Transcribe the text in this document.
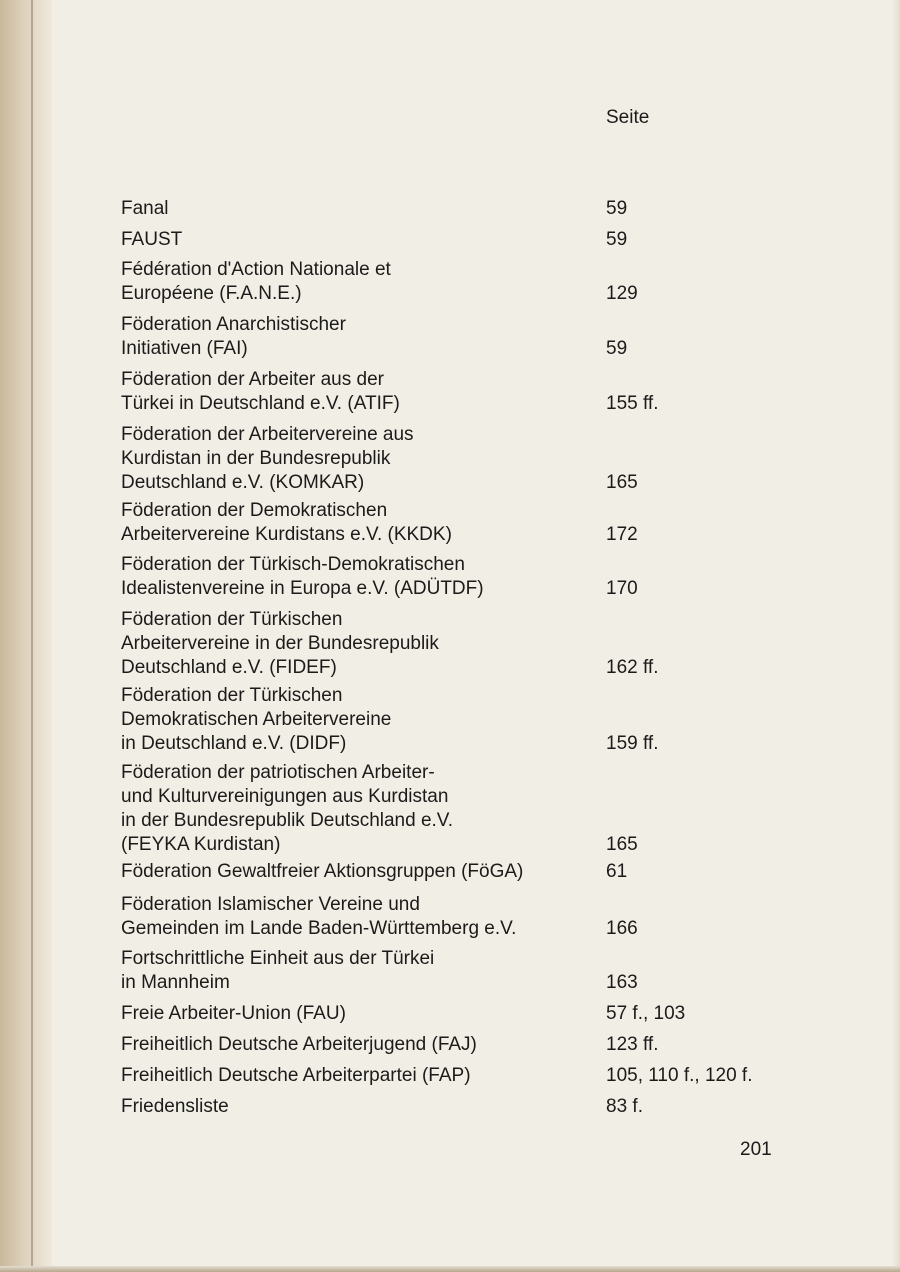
Seite
Fanal	59
FAUST	59
Fédération d'Action Nationale et
Européene (F.A.N.E.)	129
Föderation Anarchistischer
Initiativen (FAI)	59
Föderation der Arbeiter aus der
Türkei in Deutschland e.V. (ATIF)	155 ff.
Föderation der Arbeitervereine aus
Kurdistan in der Bundesrepublik
Deutschland e.V. (KOMKAR)	165
Föderation der Demokratischen
Arbeitervereine Kurdistans e.V. (KKDK)	172
Föderation der Türkisch-Demokratischen
Idealistenvereine in Europa e.V. (ADÜTDF)	170
Föderation der Türkischen
Arbeitervereine in der Bundesrepublik
Deutschland e.V. (FIDEF)	162 ff.
Föderation der Türkischen
Demokratischen Arbeitervereine
in Deutschland e.V. (DIDF)	159 ff.
Föderation der patriotischen Arbeiter-
und Kulturvereinigungen aus Kurdistan
in der Bundesrepublik Deutschland e.V.
(FEYKA Kurdistan)	165
Föderation Gewaltfreier Aktionsgruppen (FöGA)	61
Föderation Islamischer Vereine und
Gemeinden im Lande Baden-Württemberg e.V.	166
Fortschrittliche Einheit aus der Türkei
in Mannheim	163
Freie Arbeiter-Union (FAU)	57 f., 103
Freiheitlich Deutsche Arbeiterjugend (FAJ)	123 ff.
Freiheitlich Deutsche Arbeiterpartei (FAP)	105, 110 f., 120 f.
Friedensliste	83 f.
201
